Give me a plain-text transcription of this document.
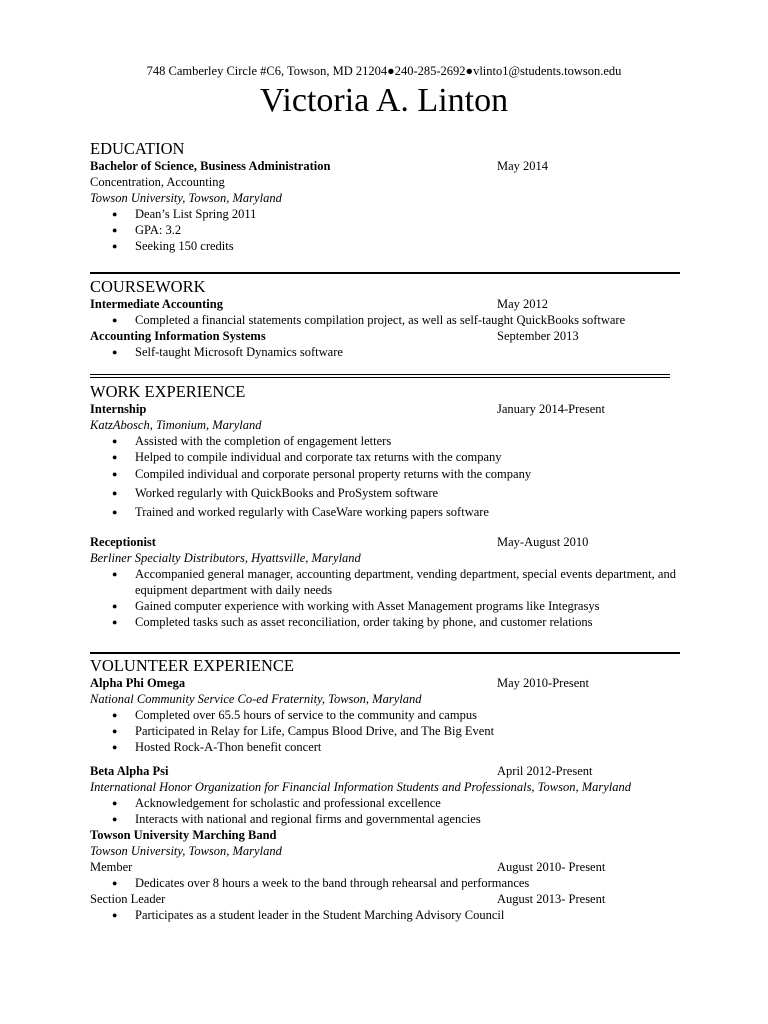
748 Camberley Circle #C6, Towson, MD 21204●240-285-2692●vlinto1@students.towson.edu
Victoria A. Linton
EDUCATION
Bachelor of Science, Business Administration	May 2014
Concentration, Accounting
Towson University, Towson, Maryland
● Dean’s List Spring 2011
● GPA: 3.2
● Seeking 150 credits
COURSEWORK
Intermediate Accounting	May 2012
● Completed a financial statements compilation project, as well as self-taught QuickBooks software
Accounting Information Systems	September 2013
● Self-taught Microsoft Dynamics software
WORK EXPERIENCE
Internship	January 2014-Present
KatzAbosch, Timonium, Maryland
● Assisted with the completion of engagement letters
● Helped to compile individual and corporate tax returns with the company
● Compiled individual and corporate personal property returns with the company
● Worked regularly with QuickBooks and ProSystem software
● Trained and worked regularly with CaseWare working papers software
Receptionist	May-August 2010
Berliner Specialty Distributors, Hyattsville, Maryland
● Accompanied general manager, accounting department, vending department, special events department, and equipment department with daily needs
● Gained computer experience with working with Asset Management programs like Integrasys
● Completed tasks such as asset reconciliation, order taking by phone, and customer relations
VOLUNTEER EXPERIENCE
Alpha Phi Omega	May 2010-Present
National Community Service Co-ed Fraternity, Towson, Maryland
● Completed over 65.5 hours of service to the community and campus
● Participated in Relay for Life, Campus Blood Drive, and The Big Event
● Hosted Rock-A-Thon benefit concert
Beta Alpha Psi	April 2012-Present
International Honor Organization for Financial Information Students and Professionals, Towson, Maryland
● Acknowledgement for scholastic and professional excellence
● Interacts with national and regional firms and governmental agencies
Towson University Marching Band
Towson University, Towson, Maryland
Member	August 2010- Present
● Dedicates over 8 hours a week to the band through rehearsal and performances
Section Leader	August 2013- Present
● Participates as a student leader in the Student Marching Advisory Council
